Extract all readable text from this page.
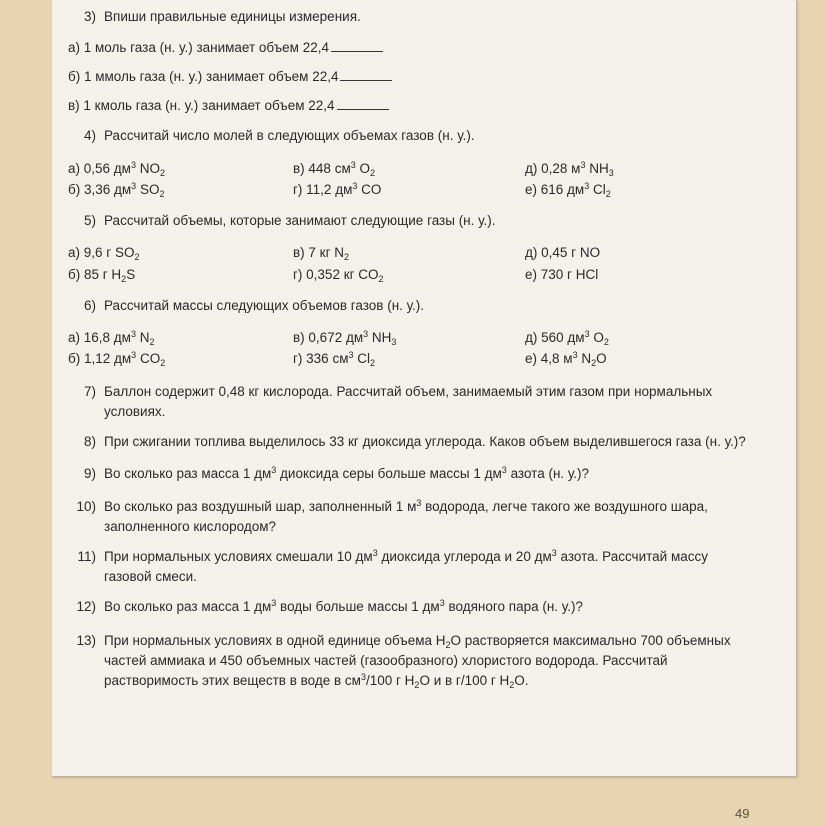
3) Впиши правильные единицы измерения.
а) 1 моль газа (н. у.) занимает объем 22,4
б) 1 ммоль газа (н. у.) занимает объем 22,4
в) 1 кмоль газа (н. у.) занимает объем 22,4
4) Рассчитай число молей в следующих объемах газов (н. у.).
а) 0,56 $дм^3$ $NO_2$	в) 448 $см^3$ $O_2$	д) 0,28 $м^3$ $NH_3$
б) 3,36 $дм^3$ $SO_2$	г) 11,2 $дм^3$ CO	е) 616 $дм^3$ $Cl_2$
5) Рассчитай объемы, которые занимают следующие газы (н. у.).
а) 9,6 г $SO_2$	в) 7 кг $N_2$	д) 0,45 г NO
б) 85 г $H_2S$	г) 0,352 кг $CO_2$	е) 730 г HCl
6) Рассчитай массы следующих объемов газов (н. у.).
а) 16,8 $дм^3$ $N_2$	в) 0,672 $дм^3$ $NH_3$	д) 560 $дм^3$ $O_2$
б) 1,12 $дм^3$ $CO_2$	г) 336 $см^3$ $Cl_2$	е) 4,8 $м^3$ $N_2O$
7) Баллон содержит 0,48 кг кислорода. Рассчитай объем, занимаемый этим газом при нормальных условиях.
8) При сжигании топлива выделилось 33 кг диоксида углерода. Каков объем выделившегося газа (н. у.)?
9) Во сколько раз масса 1 $дм^3$ диоксида серы больше массы 1 $дм^3$ азота (н. у.)?
10) Во сколько раз воздушный шар, заполненный 1 $м^3$ водорода, легче такого же воздушного шара, заполненного кислородом?
11) При нормальных условиях смешали 10 $дм^3$ диоксида углерода и 20 $дм^3$ азота. Рассчитай массу газовой смеси.
12) Во сколько раз масса 1 $дм^3$ воды больше массы 1 $дм^3$ водяного пара (н. у.)?
13) При нормальных условиях в одной единице объема $H_2O$ растворяется максимально 700 объемных частей аммиака и 450 объемных частей (газообразного) хлористого водорода. Рассчитай растворимость этих веществ в воде в $см^3/100$ г $H_2O$ и в г/100 г $H_2O$.
49
